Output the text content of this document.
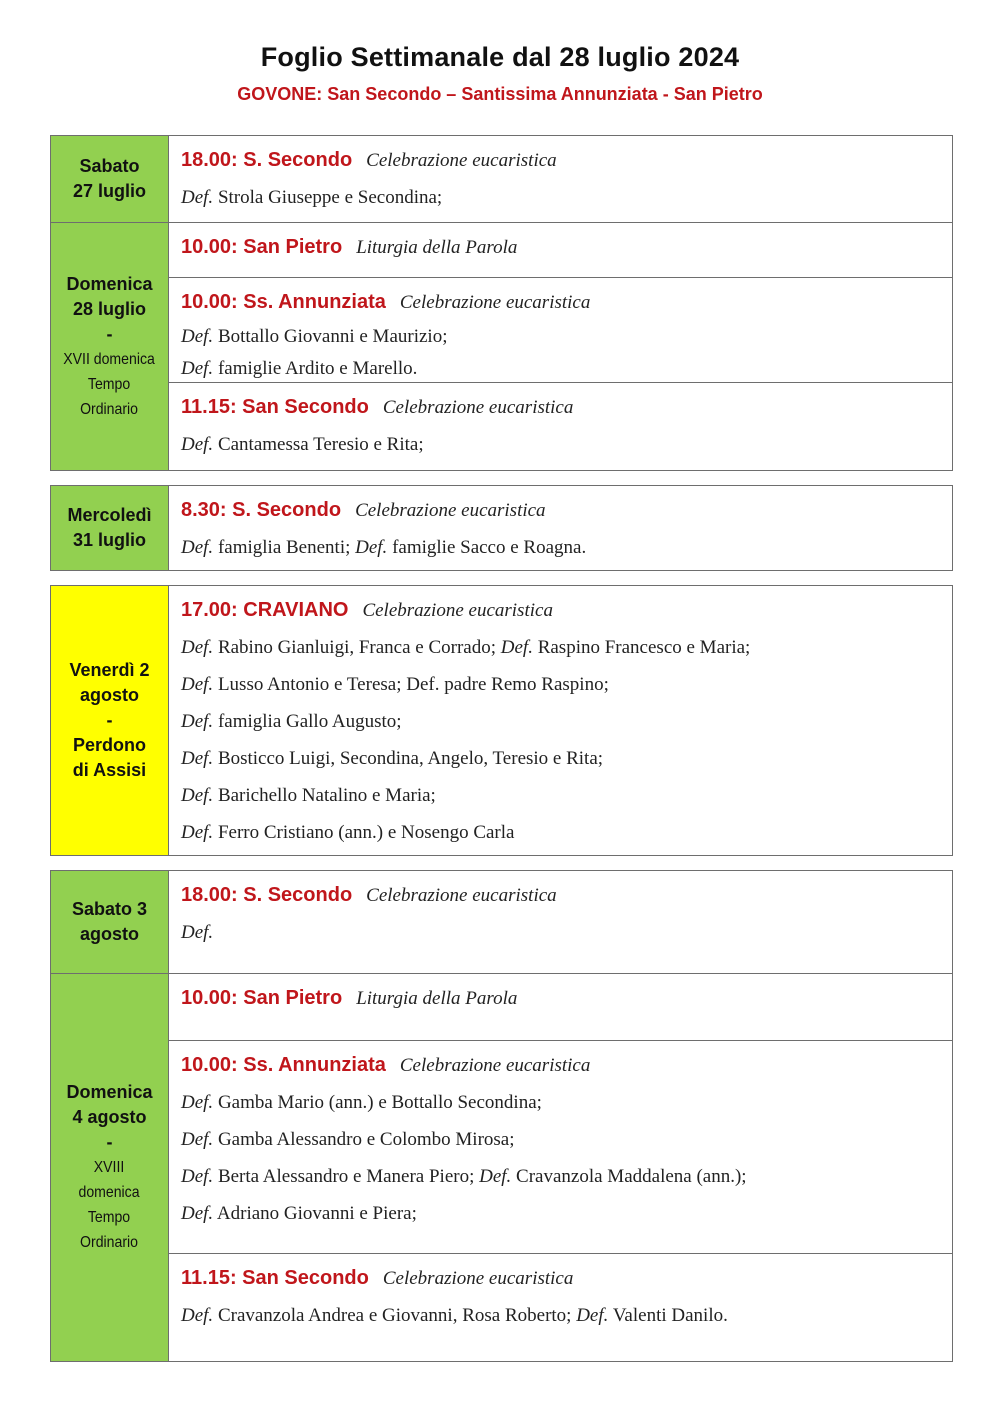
Foglio Settimanale dal 28 luglio 2024
GOVONE: San Secondo – Santissima Annunziata - San Pietro
Sabato
27 luglio
18.00: S. Secondo Celebrazione eucaristica
Def. Strola Giuseppe e Secondina;
Domenica
28 luglio
-
XVII domenica
Tempo
Ordinario
10.00: San Pietro Liturgia della Parola
10.00: Ss. Annunziata Celebrazione eucaristica
Def. Bottallo Giovanni e Maurizio;
Def. famiglie Ardito e Marello.
11.15: San Secondo Celebrazione eucaristica
Def. Cantamessa Teresio e Rita;
Mercoledì
31 luglio
8.30: S. Secondo Celebrazione eucaristica
Def. famiglia Benenti; Def. famiglie Sacco e Roagna.
Venerdì 2
agosto
-
Perdono
di Assisi
17.00: CRAVIANO Celebrazione eucaristica
Def. Rabino Gianluigi, Franca e Corrado; Def. Raspino Francesco e Maria;
Def. Lusso Antonio e Teresa; Def. padre Remo Raspino;
Def. famiglia Gallo Augusto;
Def. Bosticco Luigi, Secondina, Angelo, Teresio e Rita;
Def. Barichello Natalino e Maria;
Def. Ferro Cristiano (ann.) e Nosengo Carla
Sabato 3
agosto
18.00: S. Secondo Celebrazione eucaristica
Def.
Domenica
4 agosto
-
XVIII
domenica
Tempo
Ordinario
10.00: San Pietro Liturgia della Parola
10.00: Ss. Annunziata Celebrazione eucaristica
Def. Gamba Mario (ann.) e Bottallo Secondina;
Def. Gamba Alessandro e Colombo Mirosa;
Def. Berta Alessandro e Manera Piero; Def. Cravanzola Maddalena (ann.);
Def. Adriano Giovanni e Piera;
11.15: San Secondo Celebrazione eucaristica
Def. Cravanzola Andrea e Giovanni, Rosa Roberto; Def. Valenti Danilo.
